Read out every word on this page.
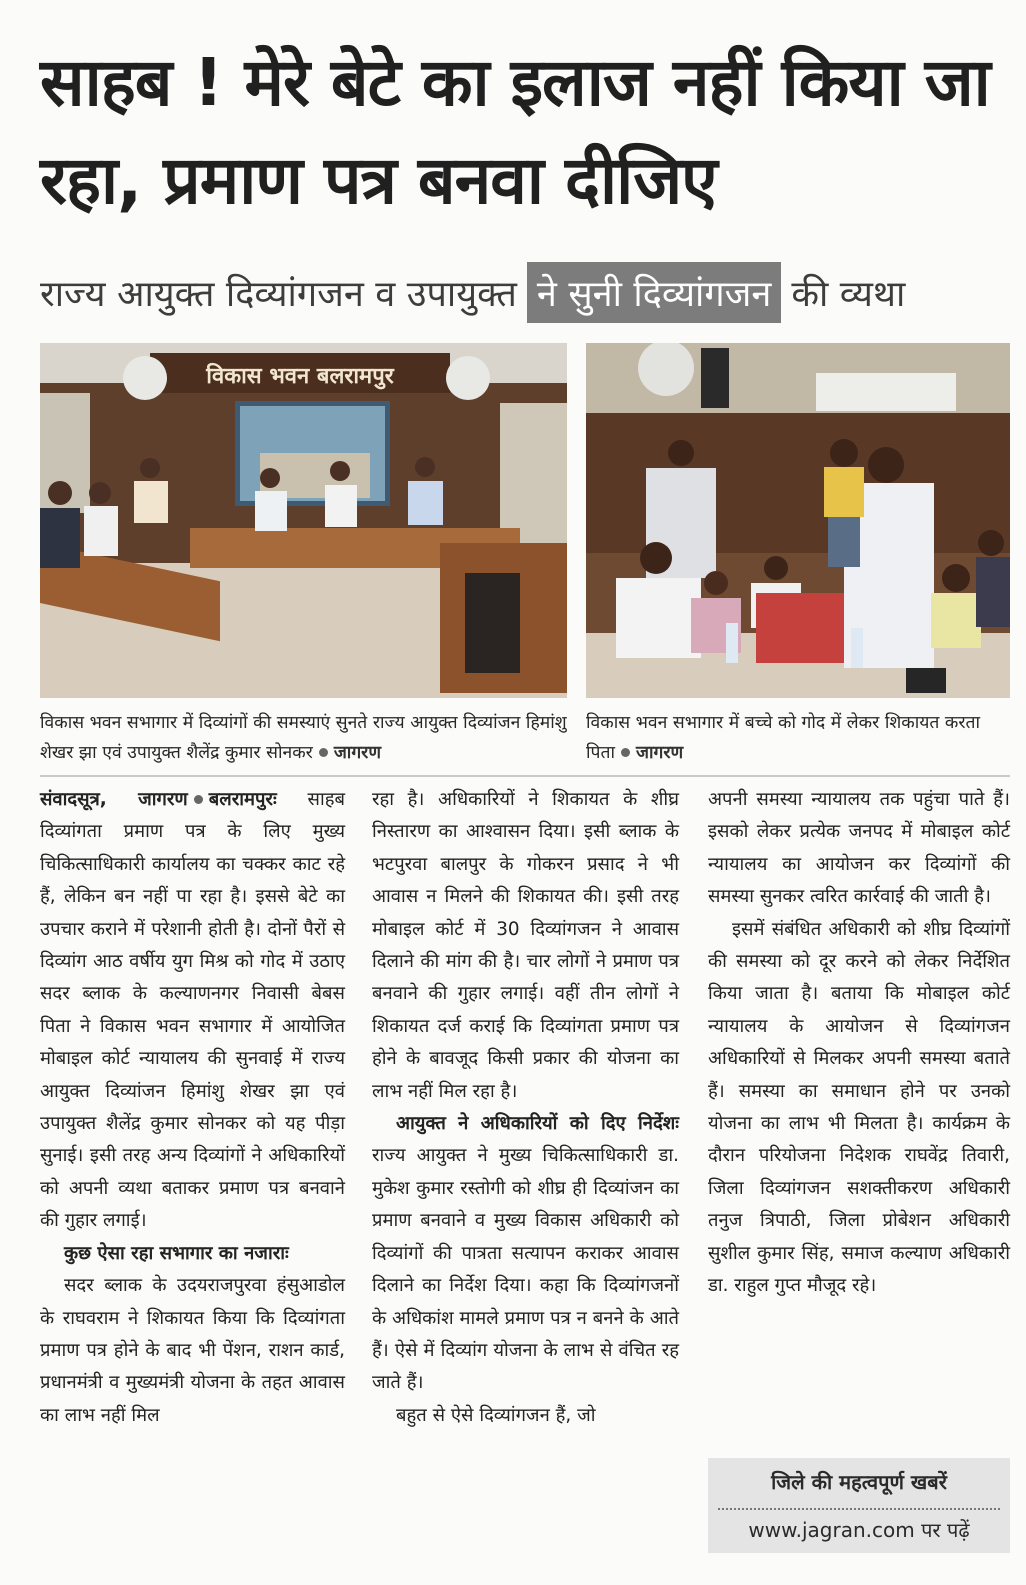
साहब ! मेरे बेटे का इलाज नहीं किया जा रहा, प्रमाण पत्र बनवा दीजिए
राज्य आयुक्त दिव्यांगजन व उपायुक्त ने सुनी दिव्यांगजन की व्यथा
विकास भवन बलरामपुर
विकास भवन सभागार में दिव्यांगों की समस्याएं सुनते राज्य आयुक्त दिव्यांजन हिमांशु शेखर झा एवं उपायुक्त शैलेंद्र कुमार सोनकर जागरण
विकास भवन सभागार में बच्चे को गोद में लेकर शिकायत करता पिता जागरण

संवादसूत्र, जागरण बलरामपुरः साहब दिव्यांगता प्रमाण पत्र के लिए मुख्य चिकित्साधिकारी कार्यालय का चक्कर काट रहे हैं, लेकिन बन नहीं पा रहा है। इससे बेटे का उपचार कराने में परेशानी होती है। दोनों पैरों से दिव्यांग आठ वर्षीय युग मिश्र को गोद में उठाए सदर ब्लाक के कल्याणनगर निवासी बेबस पिता ने विकास भवन सभागार में आयोजित मोबाइल कोर्ट न्यायालय की सुनवाई में राज्य आयुक्त दिव्यांजन हिमांशु शेखर झा एवं उपायुक्त शैलेंद्र कुमार सोनकर को यह पीड़ा सुनाई। इसी तरह अन्य दिव्यांगों ने अधिकारियों को अपनी व्यथा बताकर प्रमाण पत्र बनवाने की गुहार लगाई।

कुछ ऐसा रहा सभागार का नजाराः

सदर ब्लाक के उदयराजपुरवा हंसुआडोल के राघवराम ने शिकायत किया कि दिव्यांगता प्रमाण पत्र होने के बाद भी पेंशन, राशन कार्ड, प्रधानमंत्री व मुख्यमंत्री योजना के तहत आवास का लाभ नहीं मिल

रहा है। अधिकारियों ने शिकायत के शीघ्र निस्तारण का आश्वासन दिया। इसी ब्लाक के भटपुरवा बालपुर के गोकरन प्रसाद ने भी आवास न मिलने की शिकायत की। इसी तरह मोबाइल कोर्ट में 30 दिव्यांगजन ने आवास दिलाने की मांग की है। चार लोगों ने प्रमाण पत्र बनवाने की गुहार लगाई। वहीं तीन लोगों ने शिकायत दर्ज कराई कि दिव्यांगता प्रमाण पत्र होने के बावजूद किसी प्रकार की योजना का लाभ नहीं मिल रहा है।

आयुक्त ने अधिकारियों को दिए निर्देशः राज्य आयुक्त ने मुख्य चिकित्साधिकारी डा. मुकेश कुमार रस्तोगी को शीघ्र ही दिव्यांजन का प्रमाण बनवाने व मुख्य विकास अधिकारी को दिव्यांगों की पात्रता सत्यापन कराकर आवास दिलाने का निर्देश दिया। कहा कि दिव्यांगजनों के अधिकांश मामले प्रमाण पत्र न बनने के आते हैं। ऐसे में दिव्यांग योजना के लाभ से वंचित रह जाते हैं।

बहुत से ऐसे दिव्यांगजन हैं, जो

अपनी समस्या न्यायालय तक पहुंचा पाते हैं। इसको लेकर प्रत्येक जनपद में मोबाइल कोर्ट न्यायालय का आयोजन कर दिव्यांगों की समस्या सुनकर त्वरित कार्रवाई की जाती है।

इसमें संबंधित अधिकारी को शीघ्र दिव्यांगों की समस्या को दूर करने को लेकर निर्देशित किया जाता है। बताया कि मोबाइल कोर्ट न्यायालय के आयोजन से दिव्यांगजन अधिकारियों से मिलकर अपनी समस्या बताते हैं। समस्या का समाधान होने पर उनको योजना का लाभ भी मिलता है। कार्यक्रम के दौरान परियोजना निदेशक राघवेंद्र तिवारी, जिला दिव्यांगजन सशक्तीकरण अधिकारी तनुज त्रिपाठी, जिला प्रोबेशन अधिकारी सुशील कुमार सिंह, समाज कल्याण अधिकारी डा. राहुल गुप्त मौजूद रहे।

जिले की महत्वपूर्ण खबरें
www.jagran.com पर पढ़ें
